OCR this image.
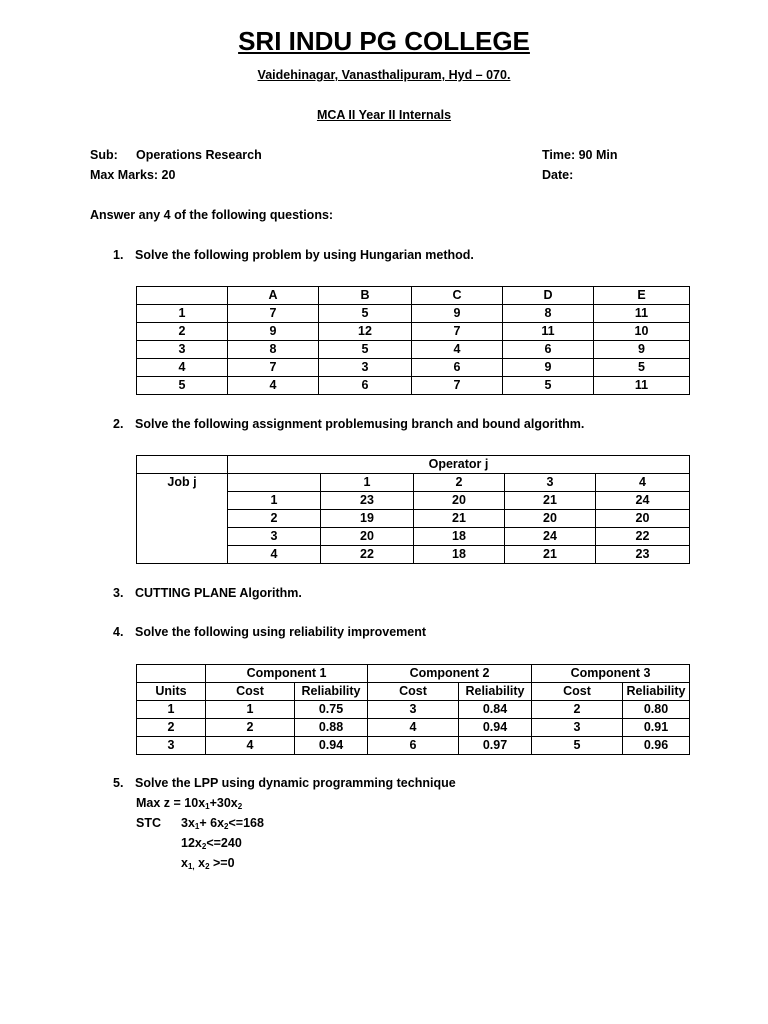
SRI INDU PG COLLEGE
Vaidehinagar, Vanasthalipuram, Hyd – 070.
MCA II Year II Internals
Sub: Operations Research
Max Marks: 20
Time: 90 Min
Date:
Answer any 4 of the following questions:
1. Solve the following problem by using Hungarian method.
	A	B	C	D	E
1	7	5	9	8	11
2	9	12	7	11	10
3	8	5	4	6	9
4	7	3	6	9	5
5	4	6	7	5	11
2. Solve the following assignment problemusing branch and bound algorithm.
	Operator j				
Job j		1	2	3	4
	1	23	20	21	24
	2	19	21	20	20
	3	20	18	24	22
	4	22	18	21	23
3. CUTTING PLANE Algorithm.
4. Solve the following using reliability improvement
	Component 1		Component 2		Component 3	
Units	Cost	Reliability	Cost	Reliability	Cost	Reliability
1	1	0.75	3	0.84	2	0.80
2	2	0.88	4	0.94	3	0.91
3	4	0.94	6	0.97	5	0.96
5. Solve the LPP using dynamic programming technique
Max $z = 10x_1+30x_2$
STC $3x_1+ 6x_2<=168$
$12x_2<=240$
$x_{1,}$ $x_2 >=0$
